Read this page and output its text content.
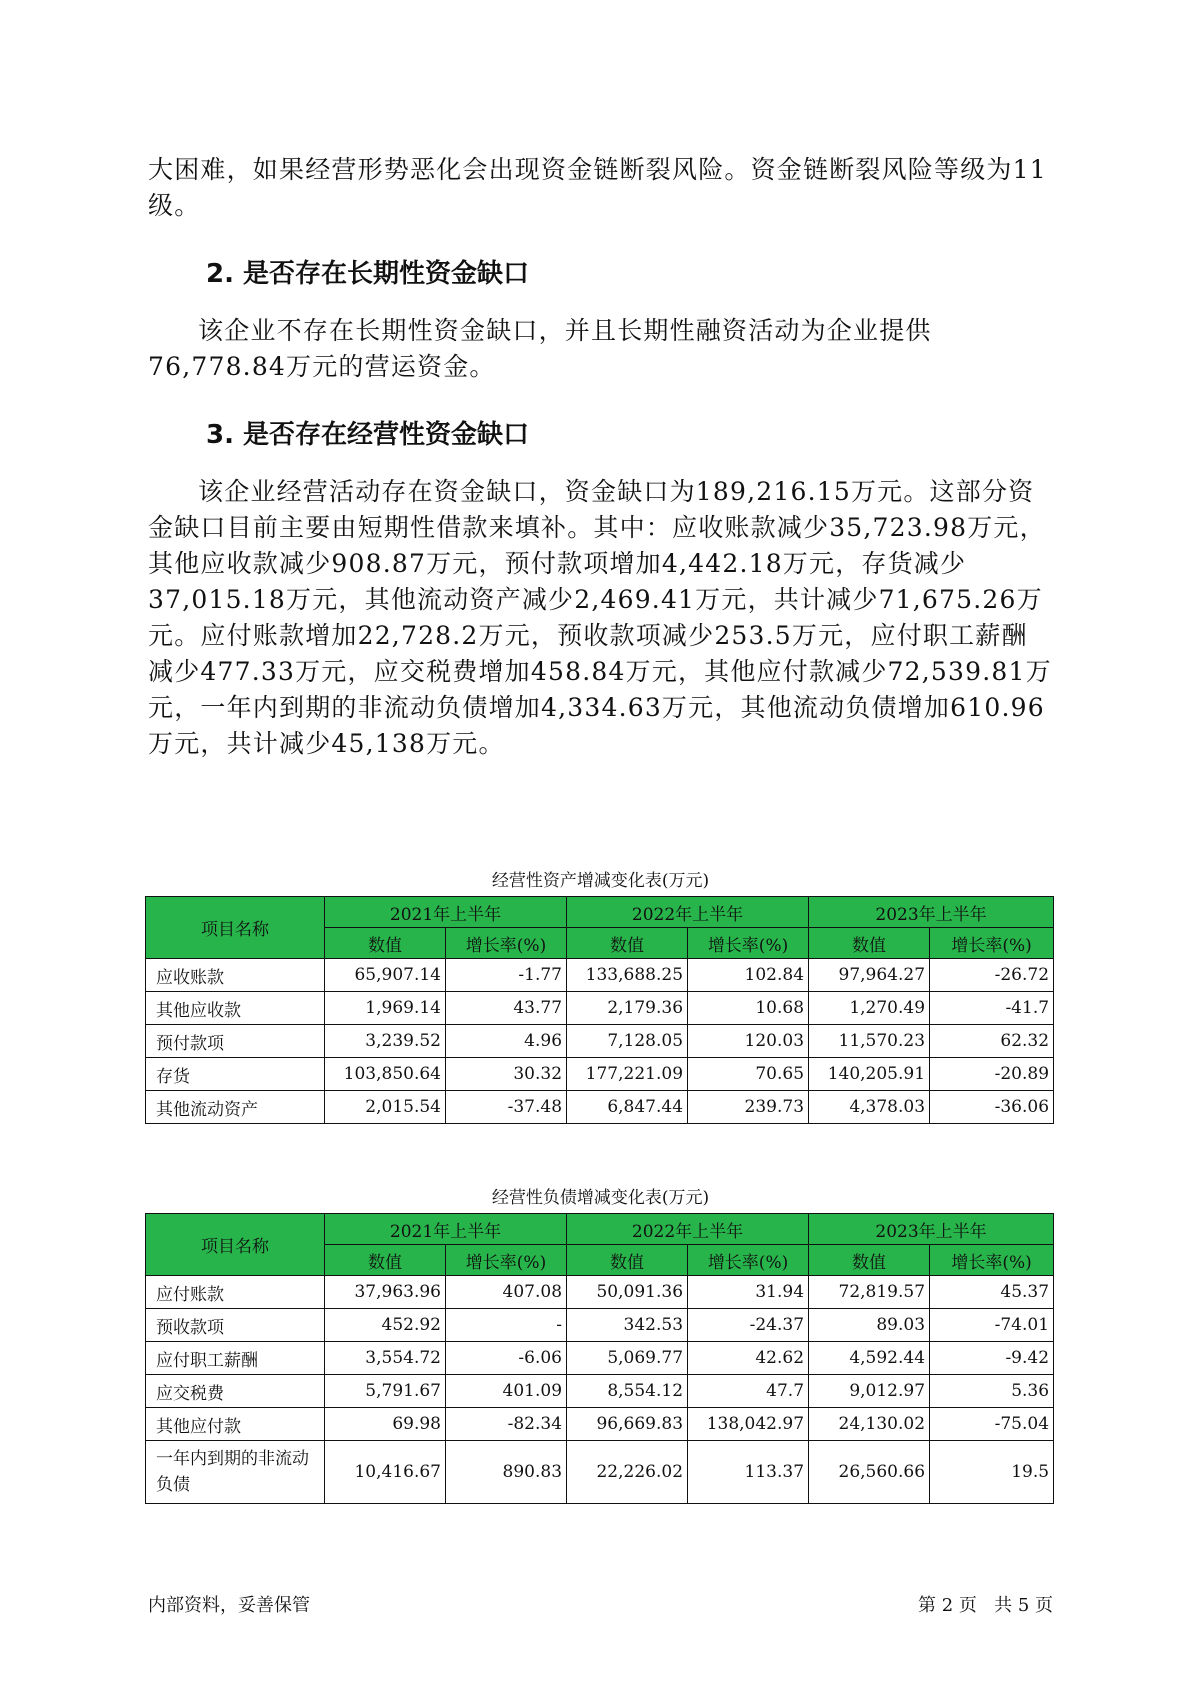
大困难，如果经营形势恶化会出现资金链断裂风险。资金链断裂风险等级为11级。

2. 是否存在长期性资金缺口

该企业不存在长期性资金缺口，并且长期性融资活动为企业提供76,778.84万元的营运资金。

3. 是否存在经营性资金缺口

该企业经营活动存在资金缺口，资金缺口为189,216.15万元。这部分资金缺口目前主要由短期性借款来填补。其中：应收账款减少35,723.98万元，其他应收款减少908.87万元，预付款项增加4,442.18万元，存货减少37,015.18万元，其他流动资产减少2,469.41万元，共计减少71,675.26万元。应付账款增加22,728.2万元，预收款项减少253.5万元，应付职工薪酬减少477.33万元，应交税费增加458.84万元，其他应付款减少72,539.81万元，一年内到期的非流动负债增加4,334.63万元，其他流动负债增加610.96万元，共计减少45,138万元。

经营性资产增减变化表(万元)
项目名称	2021年上半年		2022年上半年		2023年上半年	
	数值	增长率(%)	数值	增长率(%)	数值	增长率(%)
应收账款	65,907.14	-1.77	133,688.25	102.84	97,964.27	-26.72
其他应收款	1,969.14	43.77	2,179.36	10.68	1,270.49	-41.7
预付款项	3,239.52	4.96	7,128.05	120.03	11,570.23	62.32
存货	103,850.64	30.32	177,221.09	70.65	140,205.91	-20.89
其他流动资产	2,015.54	-37.48	6,847.44	239.73	4,378.03	-36.06
经营性负债增减变化表(万元)
项目名称	2021年上半年		2022年上半年		2023年上半年	
	数值	增长率(%)	数值	增长率(%)	数值	增长率(%)
应付账款	37,963.96	407.08	50,091.36	31.94	72,819.57	45.37
预收款项	452.92	-	342.53	-24.37	89.03	-74.01
应付职工薪酬	3,554.72	-6.06	5,069.77	42.62	4,592.44	-9.42
应交税费	5,791.67	401.09	8,554.12	47.7	9,012.97	5.36
其他应付款	69.98	-82.34	96,669.83	138,042.97	24,130.02	-75.04
一年内到期的非流动负债	10,416.67	890.83	22,226.02	113.37	26,560.66	19.5
内部资料，妥善保管	第 2 页   共 5 页
